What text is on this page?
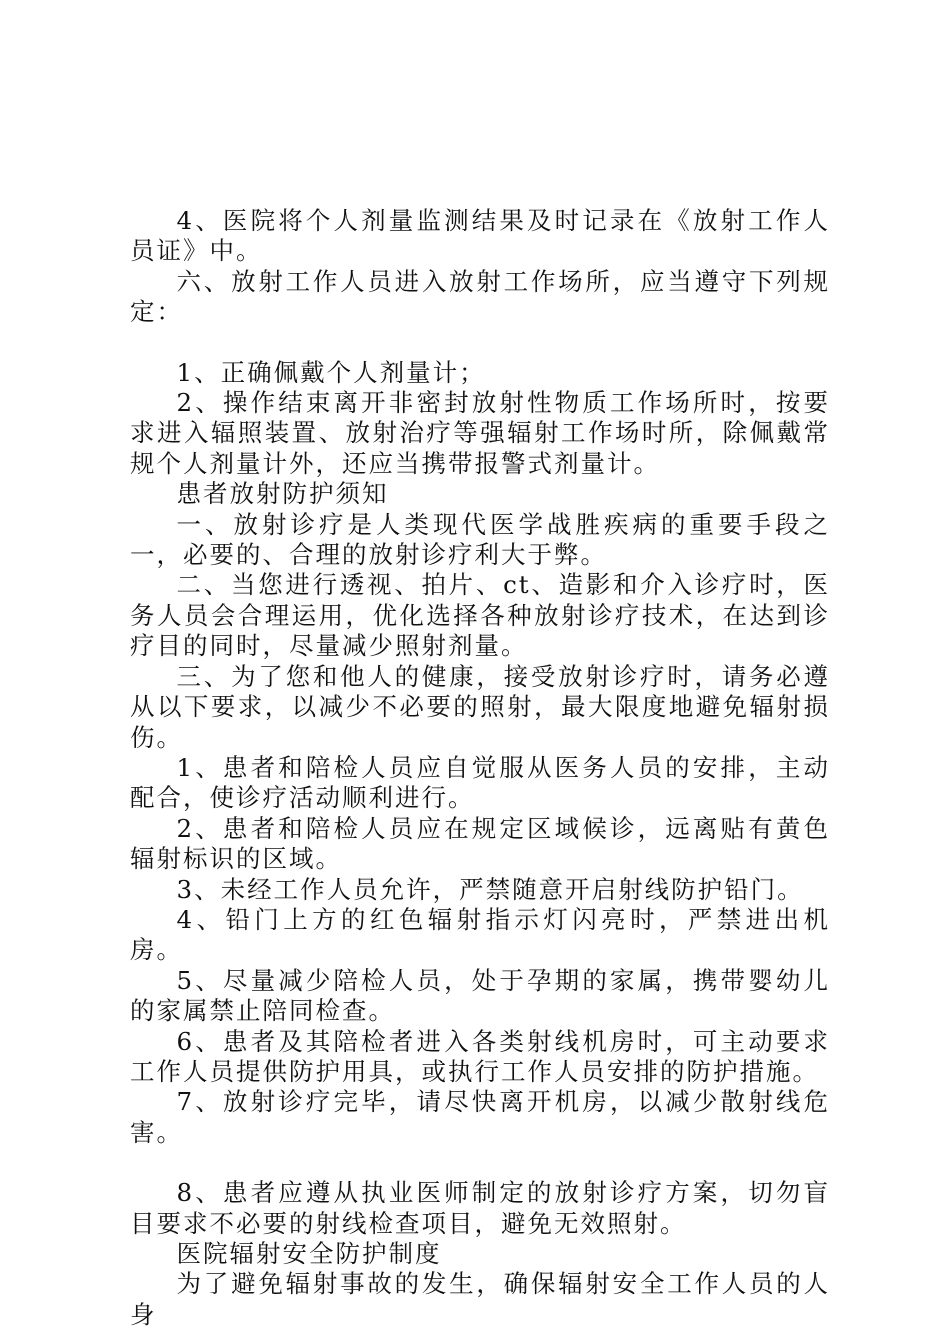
4、医院将个人剂量监测结果及时记录在《放射工作人员证》中。

六、放射工作人员进入放射工作场所，应当遵守下列规定：

1、正确佩戴个人剂量计；

2、操作结束离开非密封放射性物质工作场所时，按要求进入辐照装置、放射治疗等强辐射工作场时所，除佩戴常规个人剂量计外，还应当携带报警式剂量计。

患者放射防护须知

一、放射诊疗是人类现代医学战胜疾病的重要手段之一，必要的、合理的放射诊疗利大于弊。

二、当您进行透视、拍片、ct、造影和介入诊疗时，医务人员会合理运用，优化选择各种放射诊疗技术，在达到诊疗目的同时，尽量减少照射剂量。

三、为了您和他人的健康，接受放射诊疗时，请务必遵从以下要求，以减少不必要的照射，最大限度地避免辐射损伤。

1、患者和陪检人员应自觉服从医务人员的安排，主动配合，使诊疗活动顺利进行。

2、患者和陪检人员应在规定区域候诊，远离贴有黄色辐射标识的区域。

3、未经工作人员允许，严禁随意开启射线防护铅门。

4、铅门上方的红色辐射指示灯闪亮时，严禁进出机房。

5、尽量减少陪检人员，处于孕期的家属，携带婴幼儿的家属禁止陪同检查。

6、患者及其陪检者进入各类射线机房时，可主动要求工作人员提供防护用具，或执行工作人员安排的防护措施。

7、放射诊疗完毕，请尽快离开机房，以减少散射线危害。

8、患者应遵从执业医师制定的放射诊疗方案，切勿盲目要求不必要的射线检查项目，避免无效照射。

医院辐射安全防护制度

为了避免辐射事故的发生，确保辐射安全工作人员的人身
